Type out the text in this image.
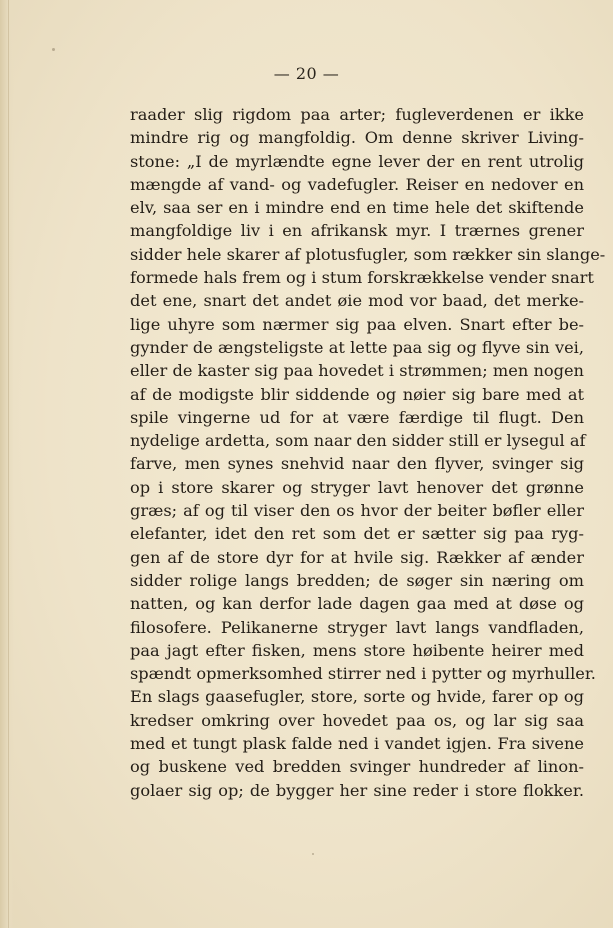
— 20 —
raader slig rigdom paa arter; fugleverdenen er ikke
mindre rig og mangfoldig. Om denne skriver Living-
stone: „I de myrlændte egne lever der en rent utrolig
mængde af vand- og vadefugler. Reiser en nedover en
elv, saa ser en i mindre end en time hele det skiftende
mangfoldige liv i en afrikansk myr. I trærnes grener
sidder hele skarer af plotusfugler, som rækker sin slange-
formede hals frem og i stum forskrækkelse vender snart
det ene, snart det andet øie mod vor baad, det merke-
lige uhyre som nærmer sig paa elven. Snart efter be-
gynder de ængsteligste at lette paa sig og flyve sin vei,
eller de kaster sig paa hovedet i strømmen; men nogen
af de modigste blir siddende og nøier sig bare med at
spile vingerne ud for at være færdige til flugt. Den
nydelige ardetta, som naar den sidder still er lysegul af
farve, men synes snehvid naar den flyver, svinger sig
op i store skarer og stryger lavt henover det grønne
græs; af og til viser den os hvor der beiter bøfler eller
elefanter, idet den ret som det er sætter sig paa ryg-
gen af de store dyr for at hvile sig. Rækker af ænder
sidder rolige langs bredden; de søger sin næring om
natten, og kan derfor lade dagen gaa med at døse og
filosofere. Pelikanerne stryger lavt langs vandfladen,
paa jagt efter fisken, mens store høibente heirer med
spændt opmerksomhed stirrer ned i pytter og myrhuller.
En slags gaasefugler, store, sorte og hvide, farer op og
kredser omkring over hovedet paa os, og lar sig saa
med et tungt plask falde ned i vandet igjen. Fra sivene
og buskene ved bredden svinger hundreder af linon-
golaer sig op; de bygger her sine reder i store flokker.
